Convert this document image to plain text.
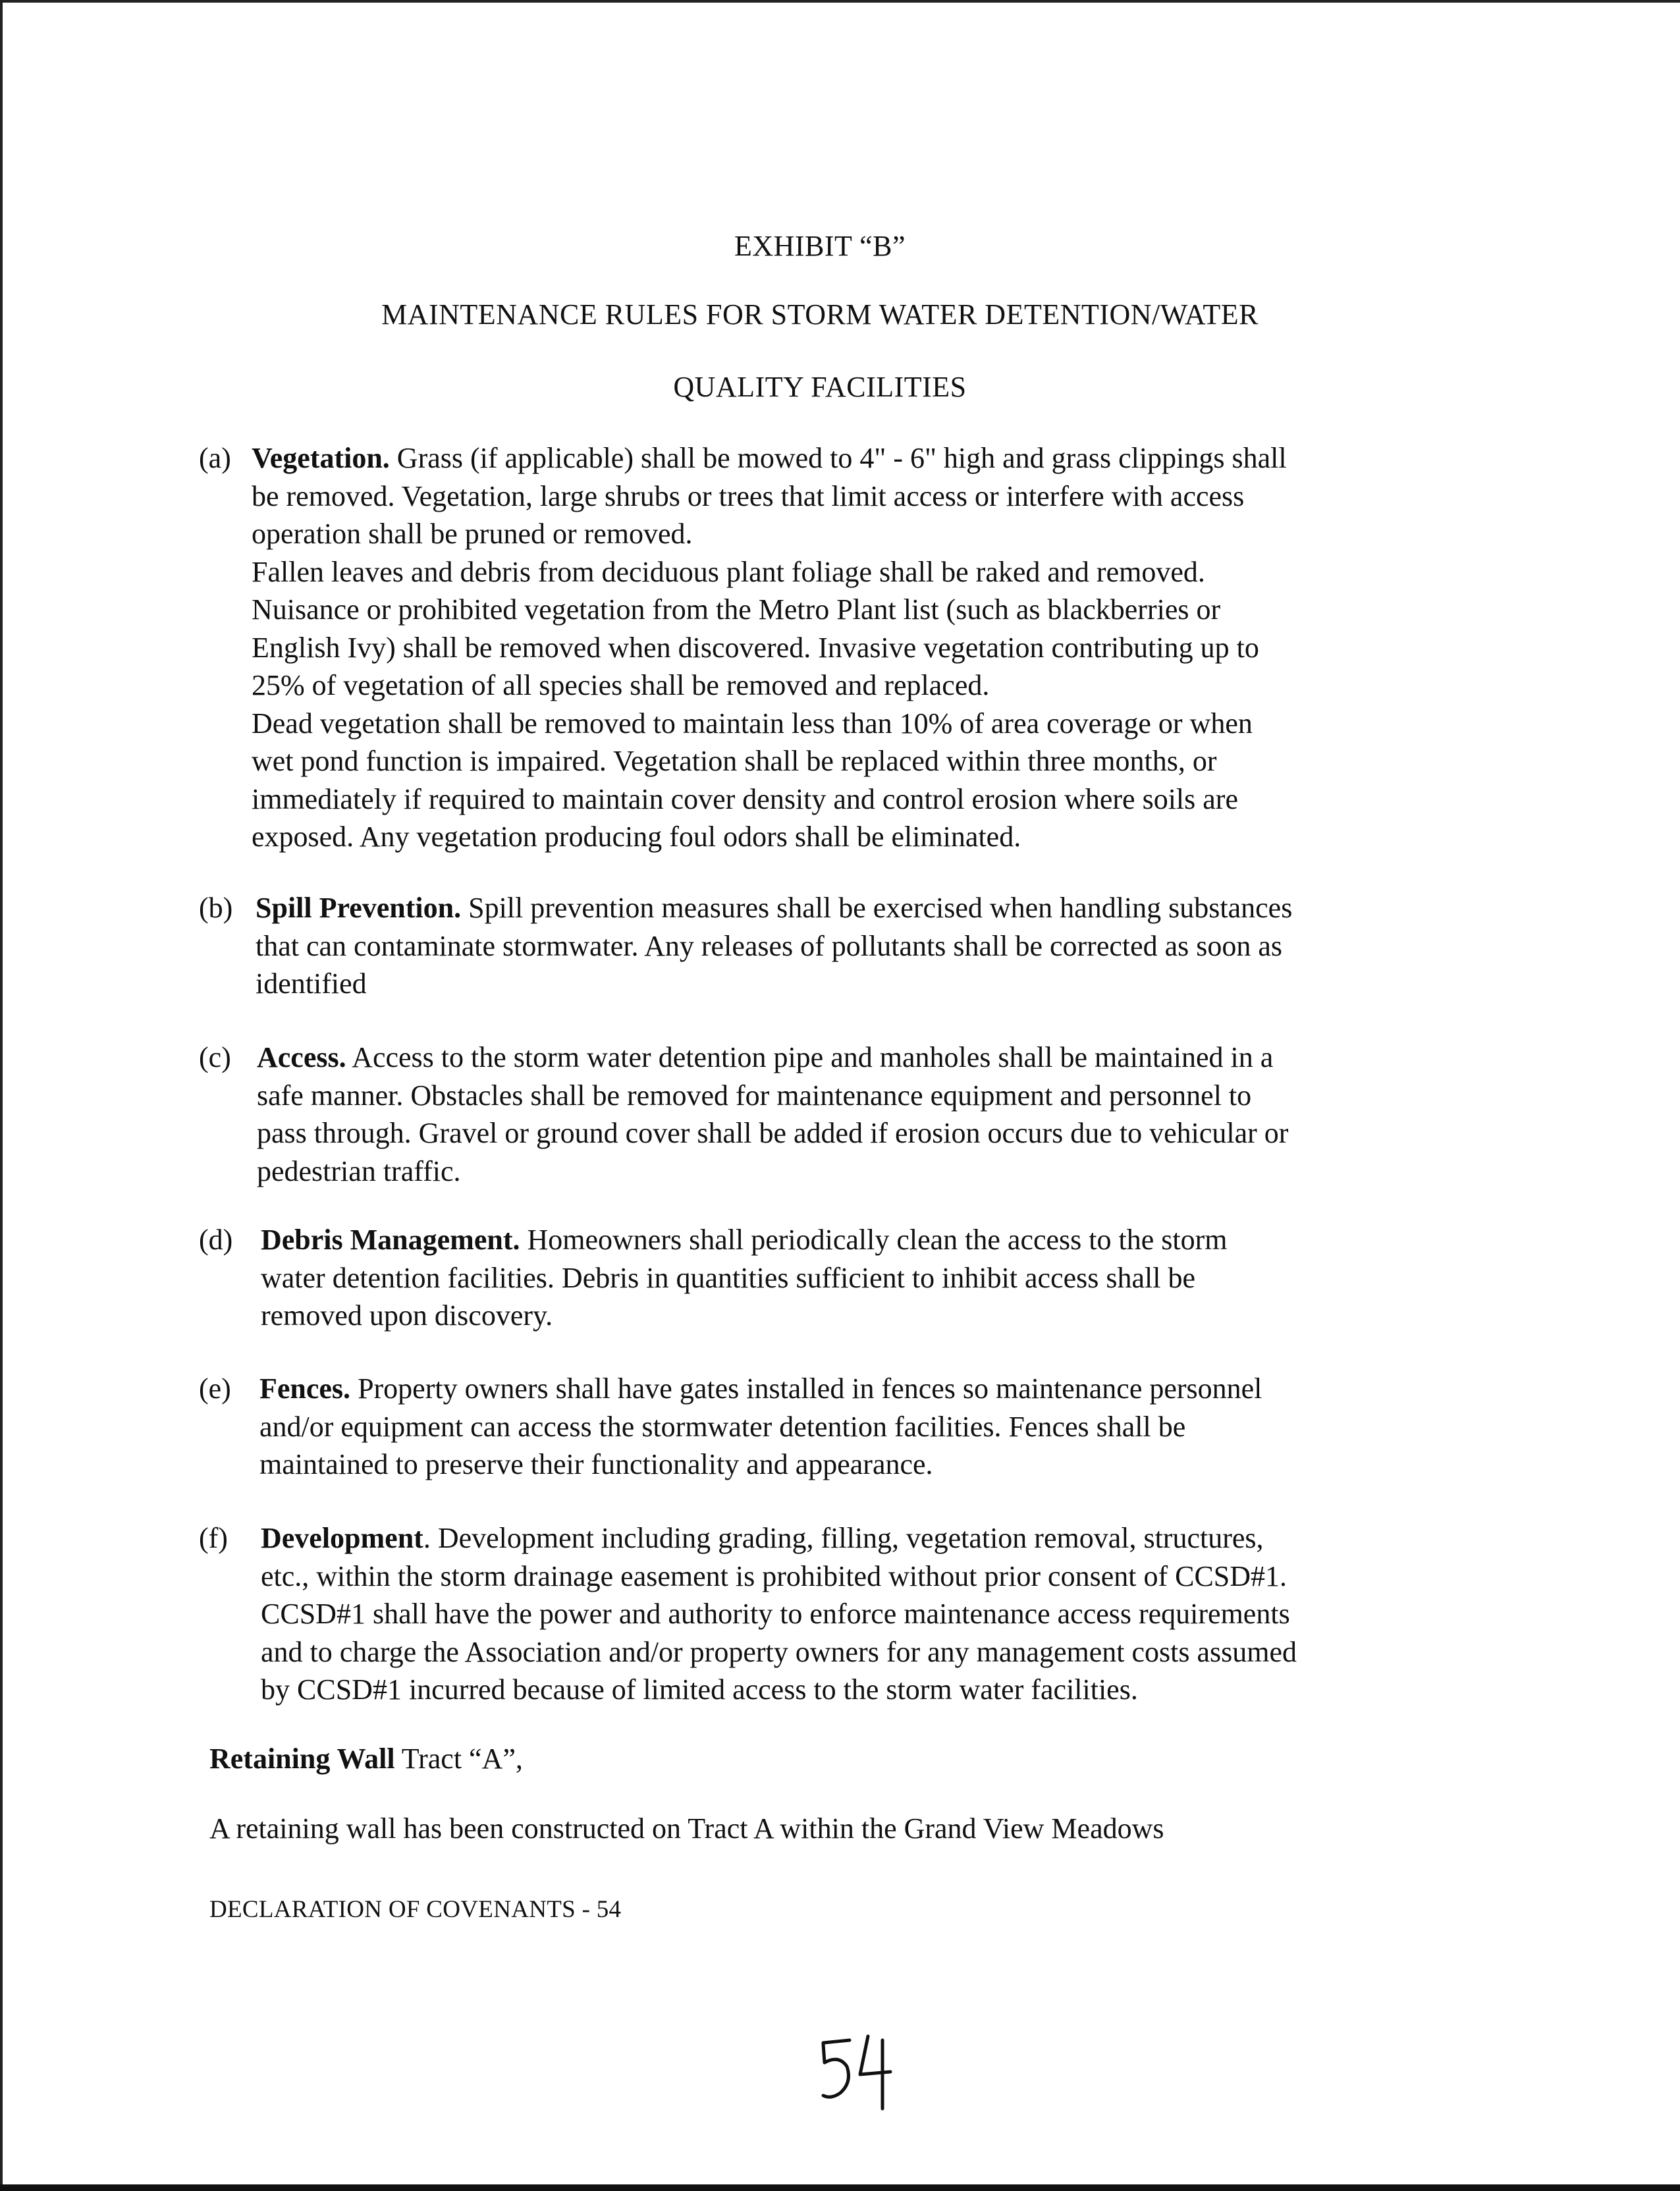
EXHIBIT “B”
MAINTENANCE RULES FOR STORM WATER DETENTION/WATER
QUALITY FACILITIES
(a) Vegetation. Grass (if applicable) shall be mowed to 4" - 6" high and grass clippings shall

be removed. Vegetation, large shrubs or trees that limit access or interfere with access

operation shall be pruned or removed.

Fallen leaves and debris from deciduous plant foliage shall be raked and removed.

Nuisance or prohibited vegetation from the Metro Plant list (such as blackberries or

English Ivy) shall be removed when discovered. Invasive vegetation contributing up to

25% of vegetation of all species shall be removed and replaced.

Dead vegetation shall be removed to maintain less than 10% of area coverage or when

wet pond function is impaired. Vegetation shall be replaced within three months, or

immediately if required to maintain cover density and control erosion where soils are

exposed. Any vegetation producing foul odors shall be eliminated.

(b) Spill Prevention. Spill prevention measures shall be exercised when handling substances

that can contaminate stormwater. Any releases of pollutants shall be corrected as soon as

identified

(c) Access. Access to the storm water detention pipe and manholes shall be maintained in a

safe manner. Obstacles shall be removed for maintenance equipment and personnel to

pass through. Gravel or ground cover shall be added if erosion occurs due to vehicular or

pedestrian traffic.

(d) Debris Management. Homeowners shall periodically clean the access to the storm

water detention facilities. Debris in quantities sufficient to inhibit access shall be

removed upon discovery.

(e) Fences. Property owners shall have gates installed in fences so maintenance personnel

and/or equipment can access the stormwater detention facilities. Fences shall be

maintained to preserve their functionality and appearance.

(f) Development. Development including grading, filling, vegetation removal, structures,

etc., within the storm drainage easement is prohibited without prior consent of CCSD#1.

CCSD#1 shall have the power and authority to enforce maintenance access requirements

and to charge the Association and/or property owners for any management costs assumed

by CCSD#1 incurred because of limited access to the storm water facilities.

Retaining Wall Tract “A”,
A retaining wall has been constructed on Tract A within the Grand View Meadows
DECLARATION OF COVENANTS - 54
